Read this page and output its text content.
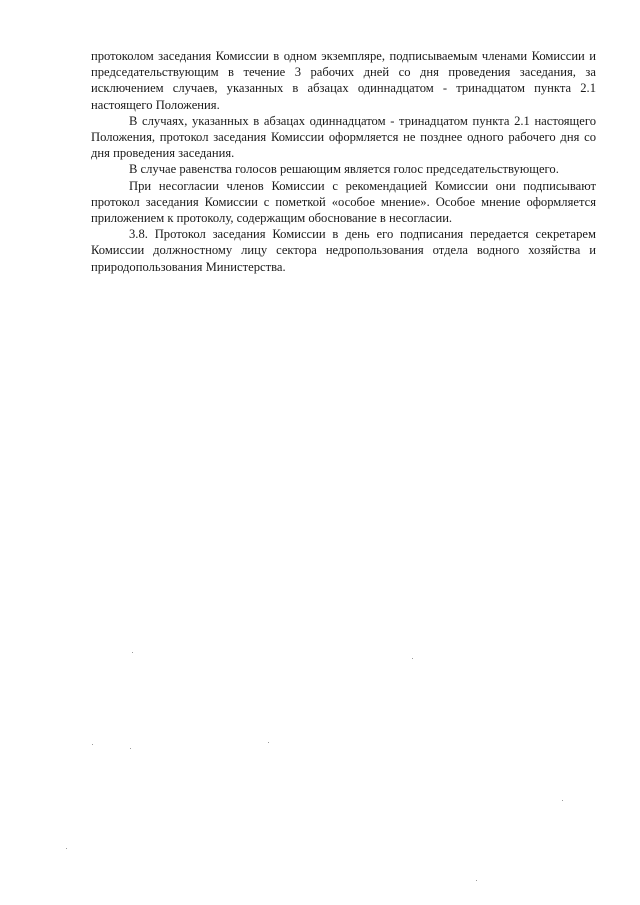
протоколом заседания Комиссии в одном экземпляре, подписываемым членами Комиссии и председательствующим в течение 3 рабочих дней со дня проведения заседания, за исключением случаев, указанных в абзацах одиннадцатом - тринадцатом пункта 2.1 настоящего Положения.

В случаях, указанных в абзацах одиннадцатом - тринадцатом пункта 2.1 настоящего Положения, протокол заседания Комиссии оформляется не позднее одного рабочего дня со дня проведения заседания.

В случае равенства голосов решающим является голос председательствующего.

При несогласии членов Комиссии с рекомендацией Комиссии они подписывают протокол заседания Комиссии с пометкой «особое мнение». Особое мнение оформляется приложением к протоколу, содержащим обоснование в несогласии.

3.8. Протокол заседания Комиссии в день его подписания передается секретарем Комиссии должностному лицу сектора недропользования отдела водного хозяйства и природопользования Министерства.
